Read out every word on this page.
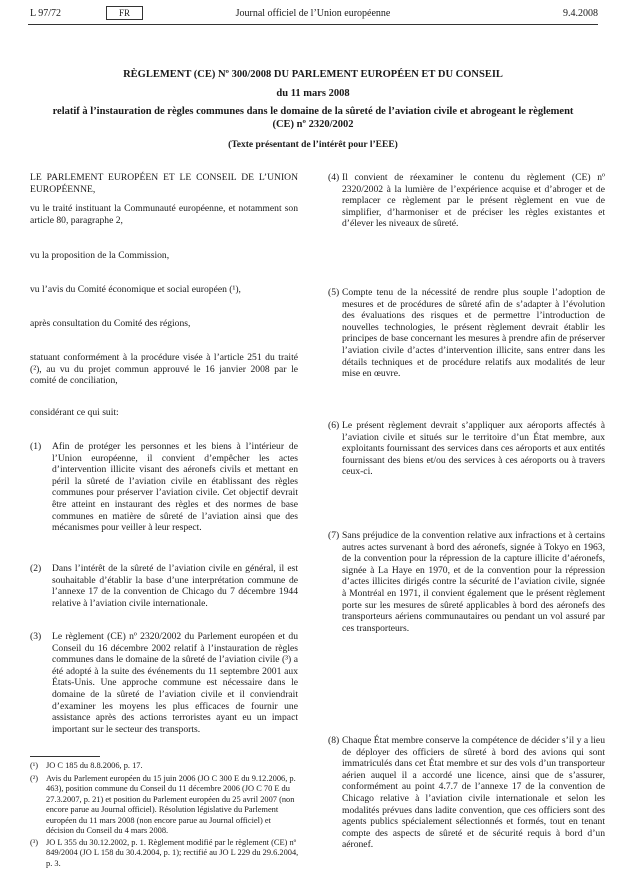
L 97/72	FR	Journal officiel de l’Union européenne	9.4.2008
RÈGLEMENT (CE) Nº 300/2008 DU PARLEMENT EUROPÉEN ET DU CONSEIL
du 11 mars 2008
relatif à l’instauration de règles communes dans le domaine de la sûreté de l’aviation civile et abrogeant le règlement (CE) nº 2320/2002
(Texte présentant de l’intérêt pour l’EEE)
LE PARLEMENT EUROPÉEN ET LE CONSEIL DE L’UNION EUROPÉENNE,
vu le traité instituant la Communauté européenne, et notamment son article 80, paragraphe 2,
vu la proposition de la Commission,
vu l’avis du Comité économique et social européen (¹),
après consultation du Comité des régions,
statuant conformément à la procédure visée à l’article 251 du traité (²), au vu du projet commun approuvé le 16 janvier 2008 par le comité de conciliation,
considérant ce qui suit:
(1) Afin de protéger les personnes et les biens à l’intérieur de l’Union européenne, il convient d’empêcher les actes d’intervention illicite visant des aéronefs civils et mettant en péril la sûreté de l’aviation civile en établissant des règles communes pour préserver l’aviation civile. Cet objectif devrait être atteint en instaurant des règles et des normes de base communes en matière de sûreté de l’aviation ainsi que des mécanismes pour veiller à leur respect.
(2) Dans l’intérêt de la sûreté de l’aviation civile en général, il est souhaitable d’établir la base d’une interprétation commune de l’annexe 17 de la convention de Chicago du 7 décembre 1944 relative à l’aviation civile internationale.
(3) Le règlement (CE) nº 2320/2002 du Parlement européen et du Conseil du 16 décembre 2002 relatif à l’instauration de règles communes dans le domaine de la sûreté de l’aviation civile (³) a été adopté à la suite des événements du 11 septembre 2001 aux États-Unis. Une approche commune est nécessaire dans le domaine de la sûreté de l’aviation civile et il conviendrait d’examiner les moyens les plus efficaces de fournir une assistance après des actions terroristes ayant eu un impact important sur le secteur des transports.
(¹) JO C 185 du 8.8.2006, p. 17.
(²) Avis du Parlement européen du 15 juin 2006 (JO C 300 E du 9.12.2006, p. 463), position commune du Conseil du 11 décembre 2006 (JO C 70 E du 27.3.2007, p. 21) et position du Parlement européen du 25 avril 2007 (non encore parue au Journal officiel). Résolution législative du Parlement européen du 11 mars 2008 (non encore parue au Journal officiel) et décision du Conseil du 4 mars 2008.
(³) JO L 355 du 30.12.2002, p. 1. Règlement modifié par le règlement (CE) nº 849/2004 (JO L 158 du 30.4.2004, p. 1); rectifié au JO L 229 du 29.6.2004, p. 3.
(4) Il convient de réexaminer le contenu du règlement (CE) nº 2320/2002 à la lumière de l’expérience acquise et d’abroger et de remplacer ce règlement par le présent règlement en vue de simplifier, d’harmoniser et de préciser les règles existantes et d’élever les niveaux de sûreté.
(5) Compte tenu de la nécessité de rendre plus souple l’adoption de mesures et de procédures de sûreté afin de s’adapter à l’évolution des évaluations des risques et de permettre l’introduction de nouvelles technologies, le présent règlement devrait établir les principes de base concernant les mesures à prendre afin de préserver l’aviation civile d’actes d’intervention illicite, sans entrer dans les détails techniques et de procédure relatifs aux modalités de leur mise en œuvre.
(6) Le présent règlement devrait s’appliquer aux aéroports affectés à l’aviation civile et situés sur le territoire d’un État membre, aux exploitants fournissant des services dans ces aéroports et aux entités fournissant des biens et/ou des services à ces aéroports ou à travers ceux-ci.
(7) Sans préjudice de la convention relative aux infractions et à certains autres actes survenant à bord des aéronefs, signée à Tokyo en 1963, de la convention pour la répression de la capture illicite d’aéronefs, signée à La Haye en 1970, et de la convention pour la répression d’actes illicites dirigés contre la sécurité de l’aviation civile, signée à Montréal en 1971, il convient également que le présent règlement porte sur les mesures de sûreté applicables à bord des aéronefs des transporteurs aériens communautaires ou pendant un vol assuré par ces transporteurs.
(8) Chaque État membre conserve la compétence de décider s’il y a lieu de déployer des officiers de sûreté à bord des avions qui sont immatriculés dans cet État membre et sur des vols d’un transporteur aérien auquel il a accordé une licence, ainsi que de s’assurer, conformément au point 4.7.7 de l’annexe 17 de la convention de Chicago relative à l’aviation civile internationale et selon les modalités prévues dans ladite convention, que ces officiers sont des agents publics spécialement sélectionnés et formés, tout en tenant compte des aspects de sûreté et de sécurité requis à bord d’un aéronef.
